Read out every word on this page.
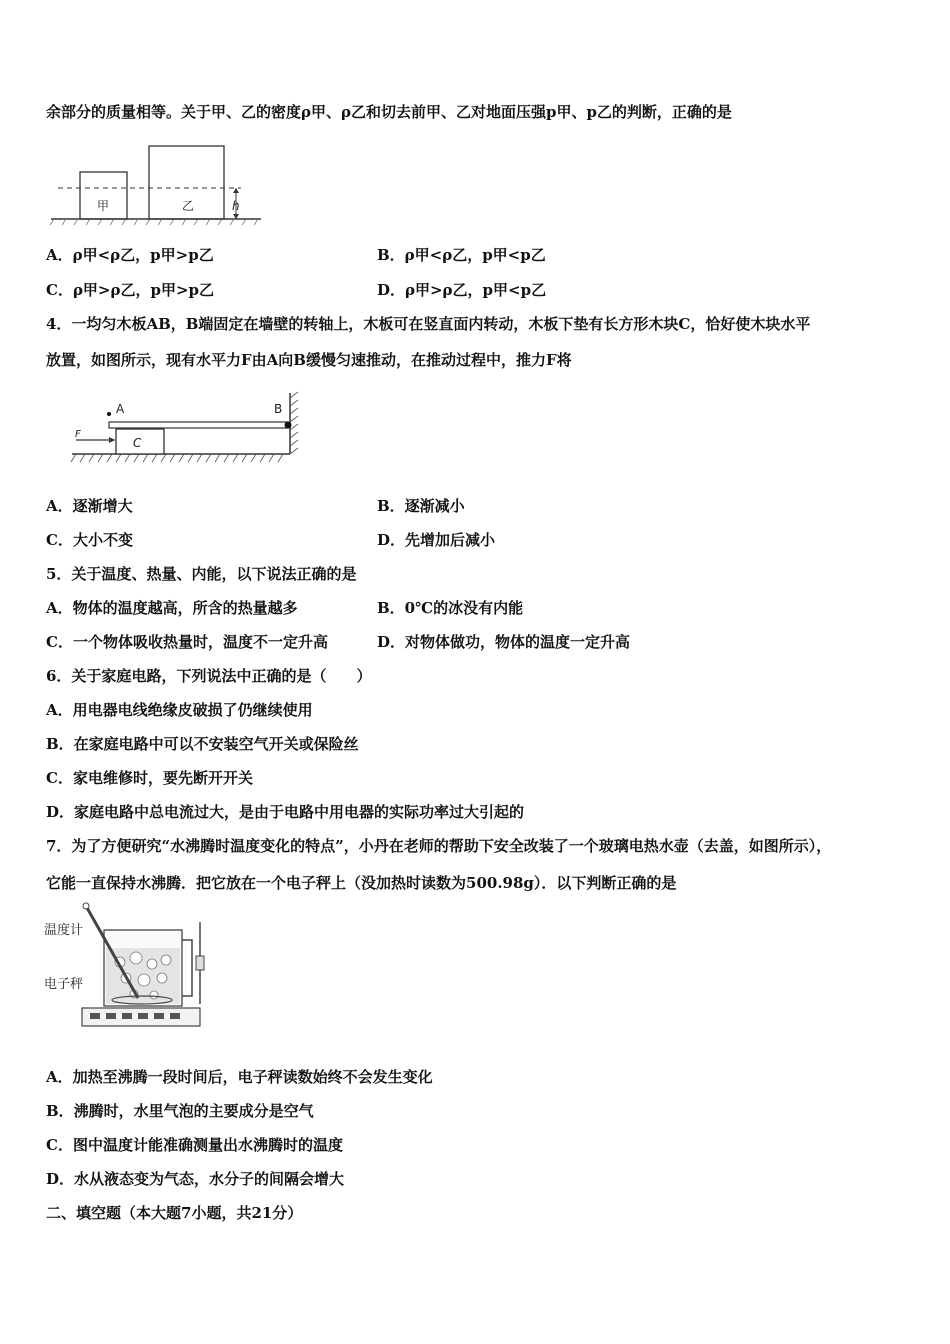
余部分的质量相等。关于甲、乙的密度ρ甲、ρ乙和切去前甲、乙对地面压强p甲、p乙的判断，正确的是
甲	乙	h
A．ρ甲<ρ乙，p甲>p乙	B．ρ甲<ρ乙，p甲<p乙
C．ρ甲>ρ乙，p甲>p乙	D．ρ甲>ρ乙，p甲<p乙
4．一均匀木板AB，B端固定在墙壁的转轴上，木板可在竖直面内转动，木板下垫有长方形木块C，恰好使木块水平
放置，如图所示，现有水平力F由A向B缓慢匀速推动，在推动过程中，推力F将
A	B
C
F
A．逐渐增大	B．逐渐减小
C．大小不变	D．先增加后减小
5．关于温度、热量、内能，以下说法正确的是
A．物体的温度越高，所含的热量越多	B．0℃的冰没有内能
C．一个物体吸收热量时，温度不一定升高	D．对物体做功，物体的温度一定升高
6．关于家庭电路，下列说法中正确的是（　　）
A．用电器电线绝缘皮破损了仍继续使用
B．在家庭电路中可以不安装空气开关或保险丝
C．家电维修时，要先断开开关
D．家庭电路中总电流过大，是由于电路中用电器的实际功率过大引起的
7．为了方便研究“水沸腾时温度变化的特点”，小丹在老师的帮助下安全改装了一个玻璃电热水壶（去盖，如图所示），
它能一直保持水沸腾．把它放在一个电子秤上（没加热时读数为500.98g）．以下判断正确的是
温度计
电子秤
A．加热至沸腾一段时间后，电子秤读数始终不会发生变化
B．沸腾时，水里气泡的主要成分是空气
C．图中温度计能准确测量出水沸腾时的温度
D．水从液态变为气态，水分子的间隔会增大
二、填空题（本大题7小题，共21分）
